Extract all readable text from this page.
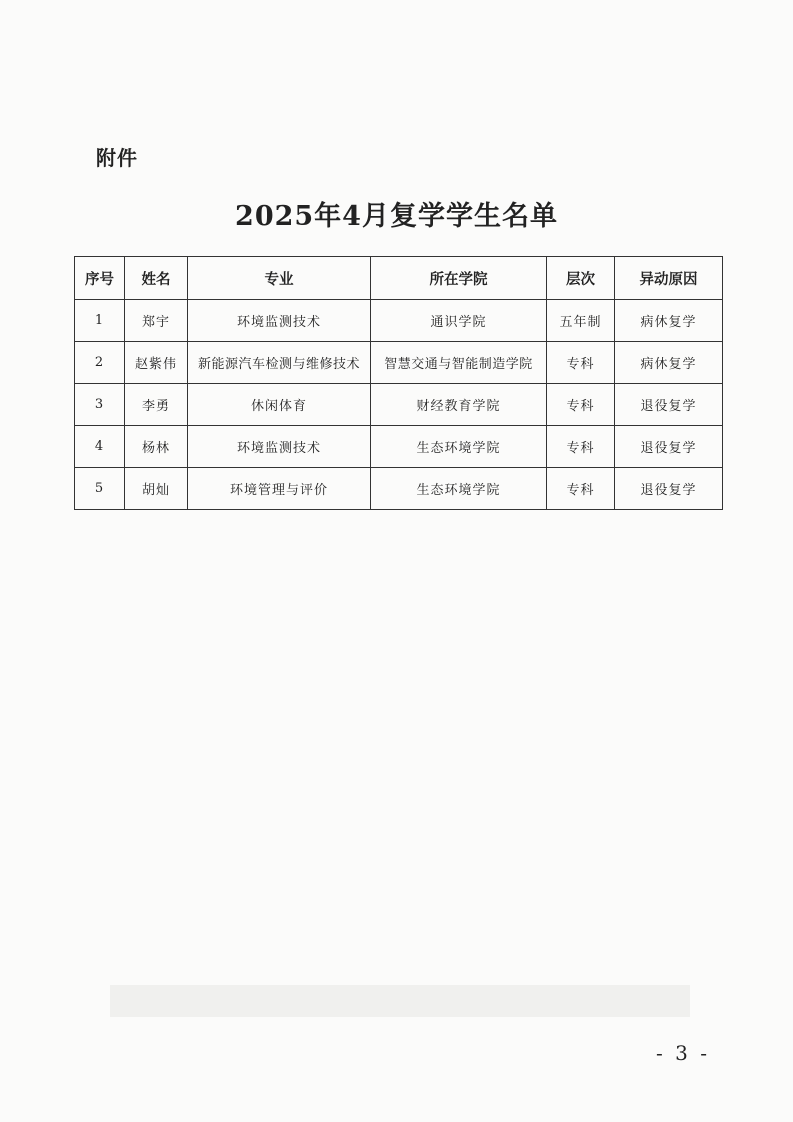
附件
2025年4月复学学生名单
序号	姓名	专业	所在学院	层次	异动原因
1	郑宇	环境监测技术	通识学院	五年制	病休复学
2	赵紫伟	新能源汽车检测与维修技术	智慧交通与智能制造学院	专科	病休复学
3	李勇	休闲体育	财经教育学院	专科	退役复学
4	杨林	环境监测技术	生态环境学院	专科	退役复学
5	胡灿	环境管理与评价	生态环境学院	专科	退役复学
- 3 -
